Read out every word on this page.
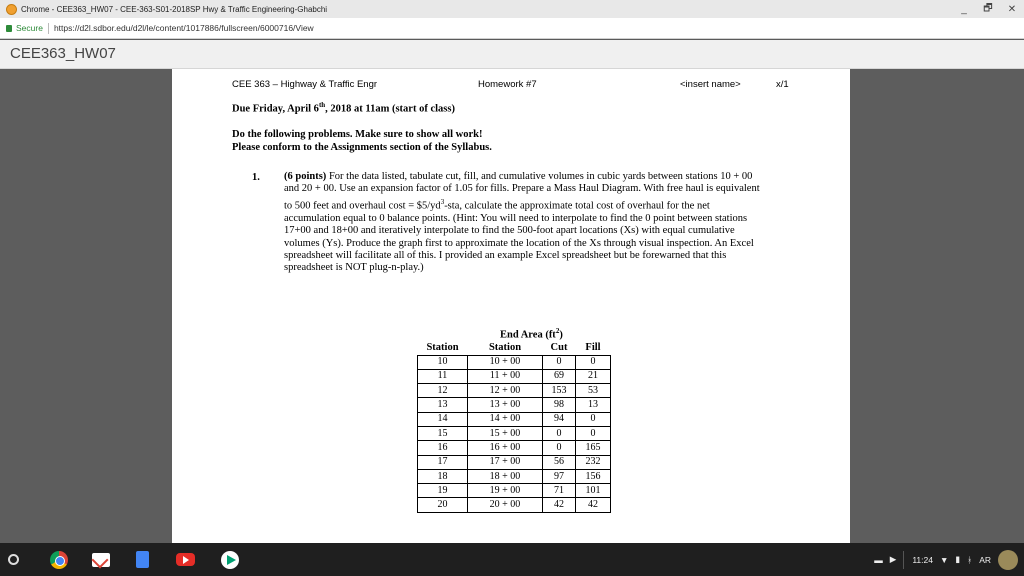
Chrome - CEE363_HW07 - CEE-363-S01-2018SP Hwy & Traffic Engineering-Ghabchi	_	🗗	✕
Secure https://d2l.sdbor.edu/d2l/le/content/1017886/fullscreen/6000716/View
CEE363_HW07
CEE 363 – Highway & Traffic Engr	Homework #7	<insert name>	x/1
Due Friday, April 6th, 2018 at 11am (start of class)
Do the following problems. Make sure to show all work!
Please conform to the Assignments section of the Syllabus.
1. (6 points) For the data listed, tabulate cut, fill, and cumulative volumes in cubic yards between stations 10 + 00 and 20 + 00. Use an expansion factor of 1.05 for fills. Prepare a Mass Haul Diagram. With free haul is equivalent to 500 feet and overhaul $\cos t = \$5/yd^3$-sta, calculate the approximate total cost of overhaul for the net accumulation equal to 0 balance points. (Hint: You will need to interpolate to find the 0 point between stations 17+00 and 18+00 and iteratively interpolate to find the 500-foot apart locations (Xs) with equal cumulative volumes (Ys). Produce the graph first to approximate the location of the Xs through visual inspection. An Excel spreadsheet will facilitate all of this. I provided an example Excel spreadsheet but be forewarned that this spreadsheet is NOT plug-n-play.)
End Area $(ft^2)$
Station	Station	Cut	Fill
10	10 + 00	0	0
11	11 + 00	69	21
12	12 + 00	153	53
13	13 + 00	98	13
14	14 + 00	94	0
15	15 + 00	0	0
16	16 + 00	0	165
17	17 + 00	56	232
18	18 + 00	97	156
19	19 + 00	71	101
20	20 + 00	42	42
▬ ▶ 11:24 ▼ ▮ ᚼ AR
